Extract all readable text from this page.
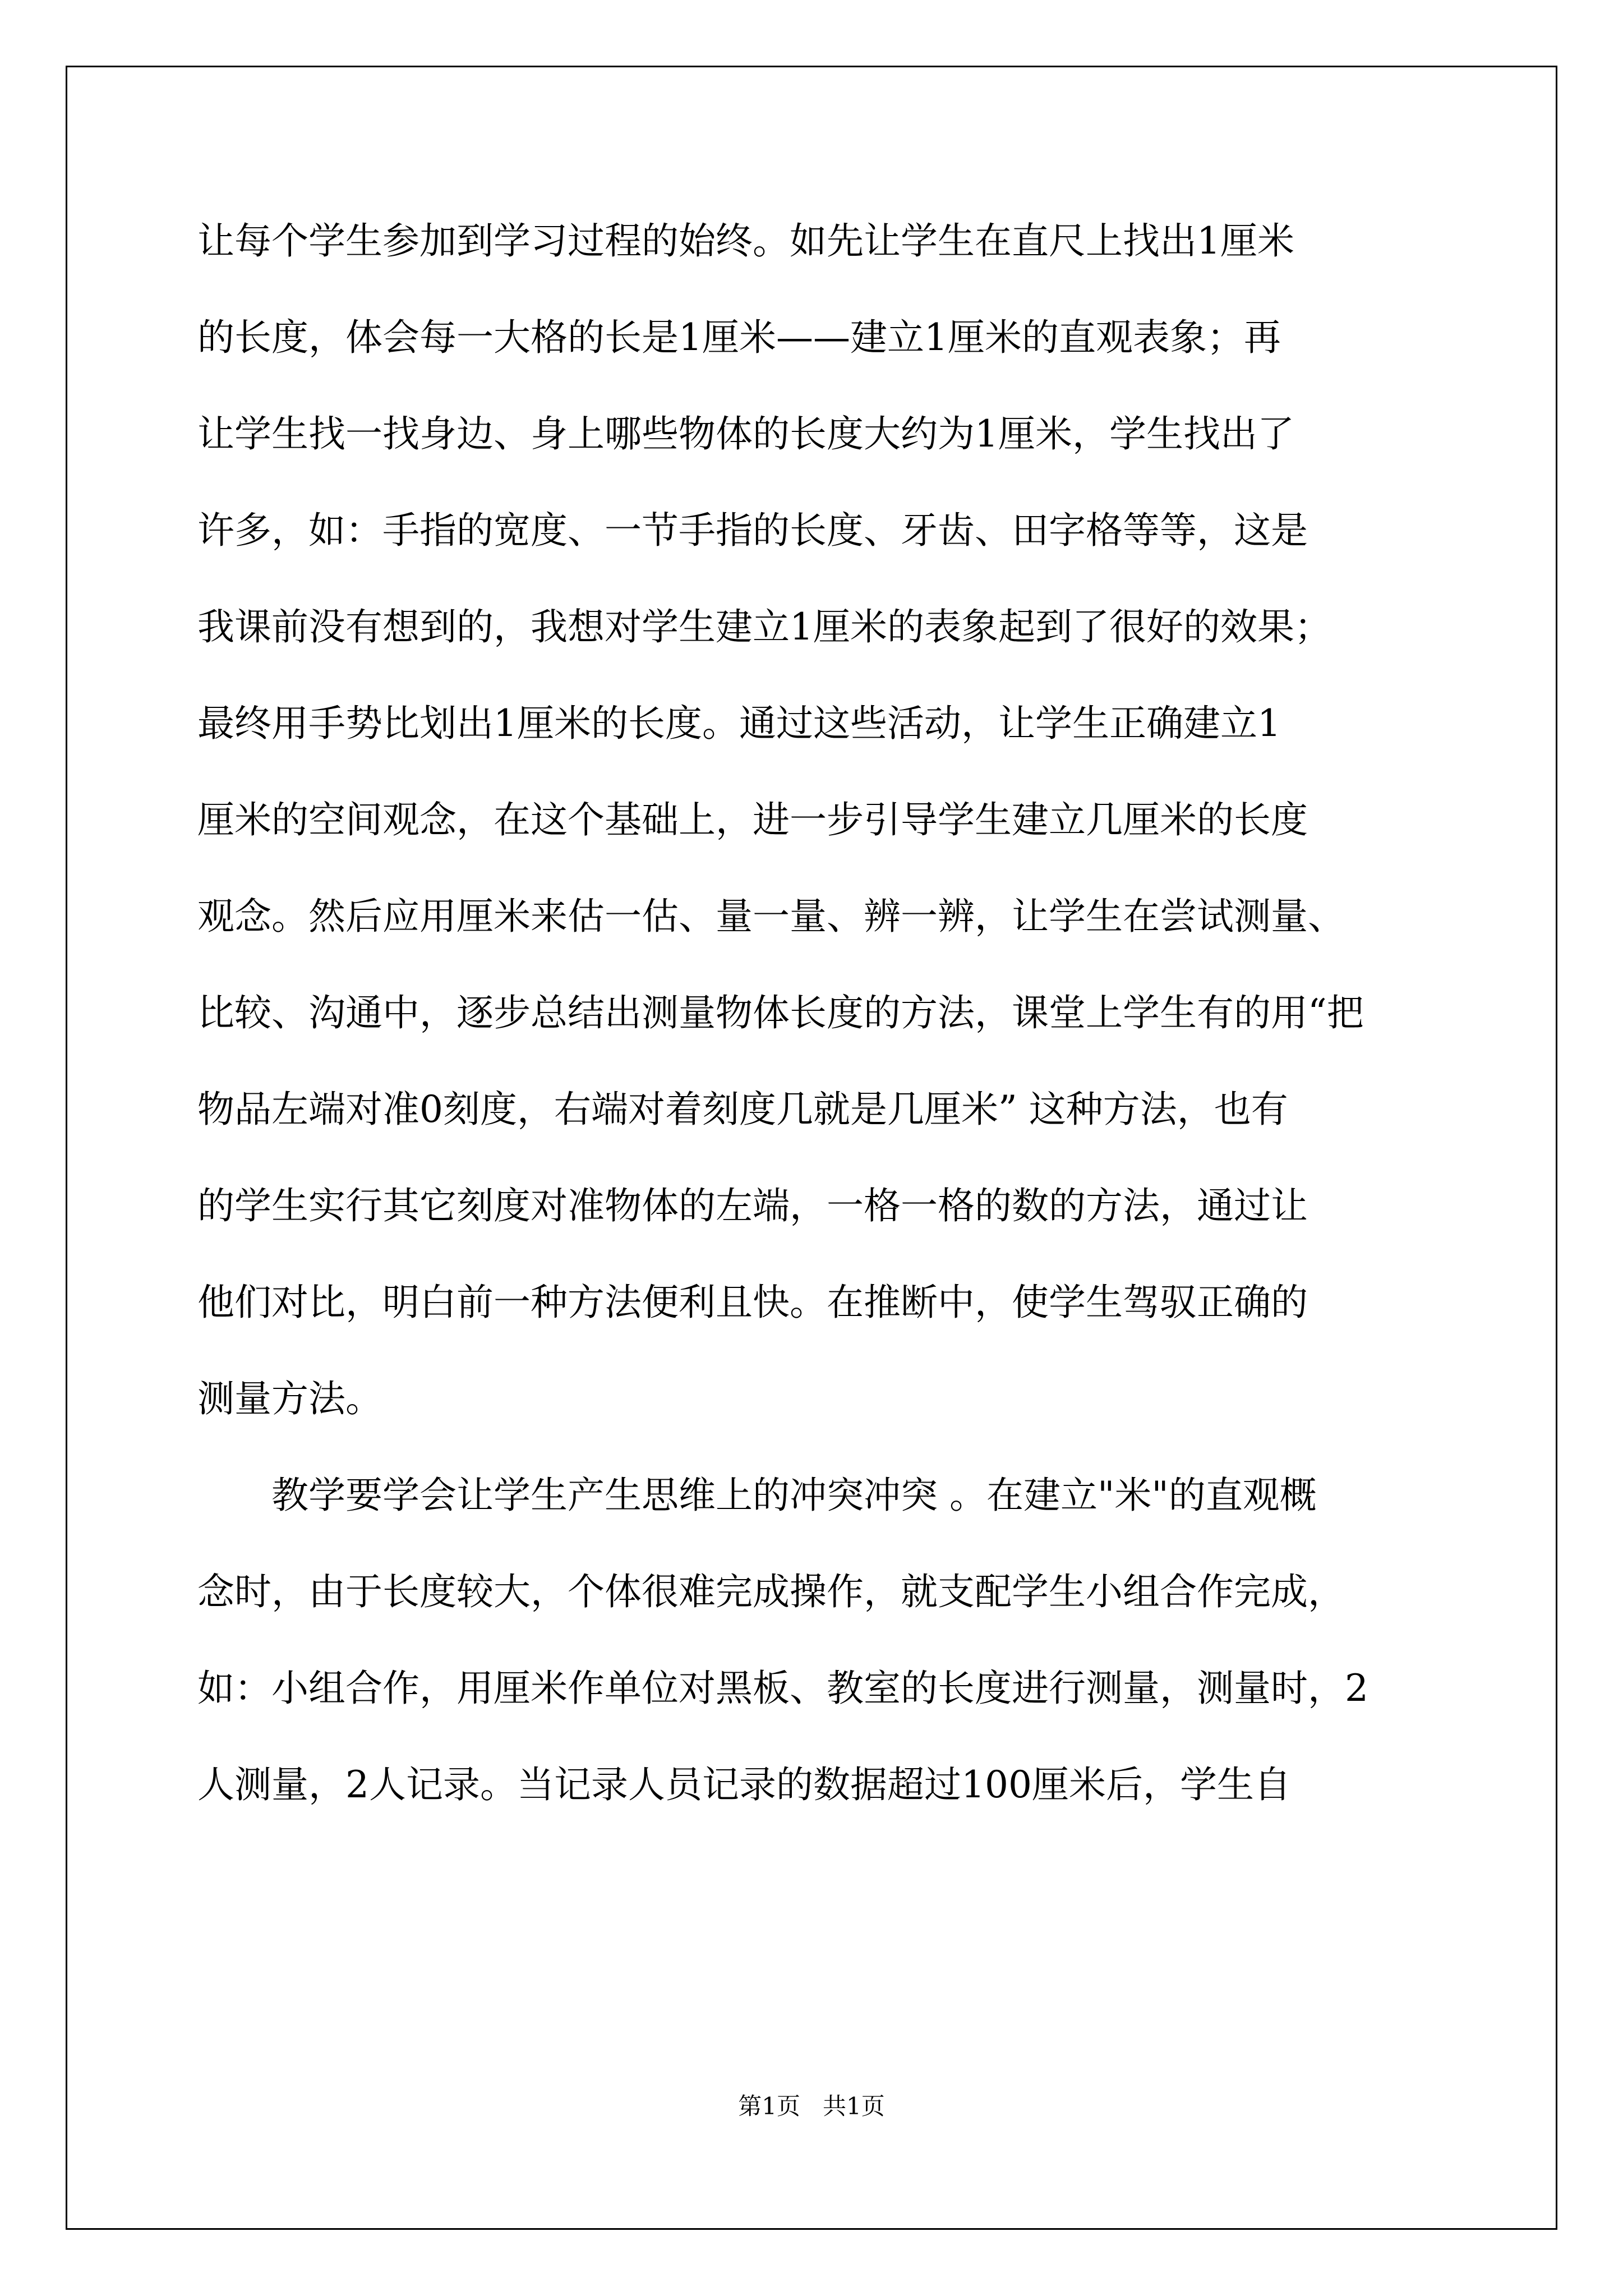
让每个学生参加到学习过程的始终。如先让学生在直尺上找出1厘米
的长度，体会每一大格的长是1厘米——建立1厘米的直观表象；再
让学生找一找身边、身上哪些物体的长度大约为1厘米，学生找出了
许多，如：手指的宽度、一节手指的长度、牙齿、田字格等等，这是
我课前没有想到的，我想对学生建立1厘米的表象起到了很好的效果；
最终用手势比划出1厘米的长度。通过这些活动，让学生正确建立1
厘米的空间观念，在这个基础上，进一步引导学生建立几厘米的长度
观念。然后应用厘米来估一估、量一量、辨一辨，让学生在尝试测量、
比较、沟通中，逐步总结出测量物体长度的方法，课堂上学生有的用“把
物品左端对准0刻度，右端对着刻度几就是几厘米” 这种方法，也有
的学生实行其它刻度对准物体的左端，一格一格的数的方法，通过让
他们对比，明白前一种方法便利且快。在推断中，使学生驾驭正确的
测量方法。
　　教学要学会让学生产生思维上的冲突冲突 。在建立"米"的直观概
念时，由于长度较大，个体很难完成操作，就支配学生小组合作完成，
如：小组合作，用厘米作单位对黑板、教室的长度进行测量，测量时，2
人测量，2人记录。当记录人员记录的数据超过100厘米后，学生自
第1页   共1页
